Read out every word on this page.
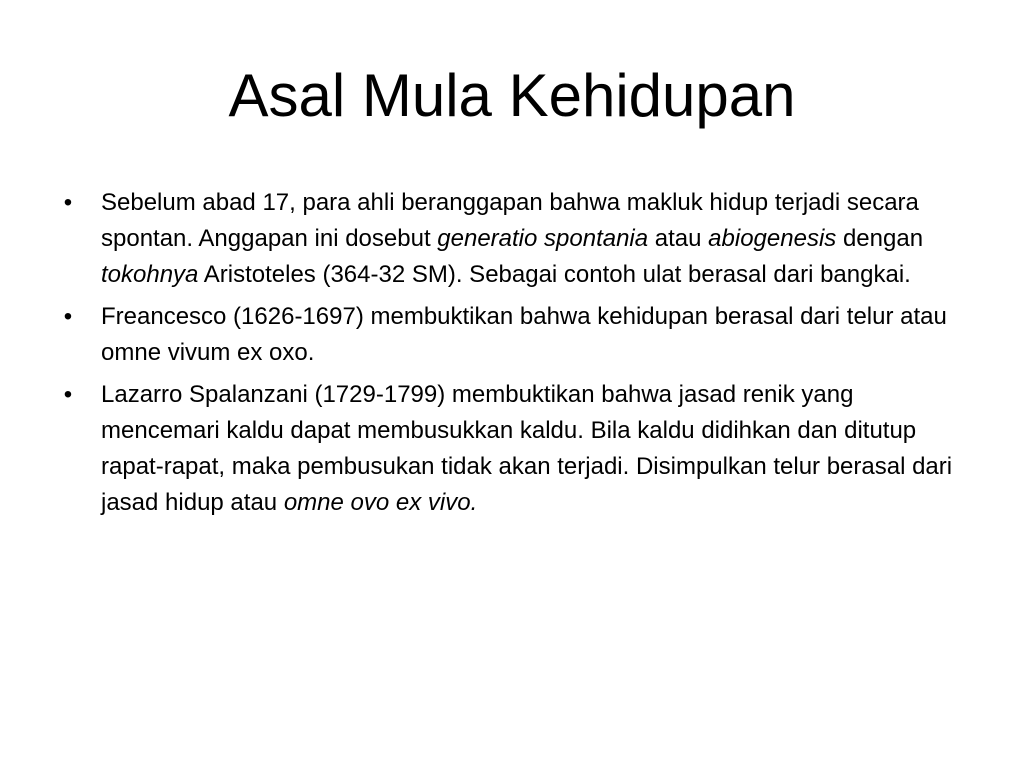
Asal Mula Kehidupan
• Sebelum abad 17, para ahli beranggapan bahwa makluk hidup terjadi secara spontan. Anggapan ini dosebut generatio spontania atau abiogenesis dengan tokohnya Aristoteles (364-32 SM). Sebagai contoh ulat berasal dari bangkai.
• Freancesco (1626-1697) membuktikan bahwa kehidupan berasal dari telur atau omne vivum ex oxo.
• Lazarro Spalanzani (1729-1799) membuktikan bahwa jasad renik yang mencemari kaldu dapat membusukkan kaldu. Bila kaldu didihkan dan ditutup rapat-rapat, maka pembusukan tidak akan terjadi. Disimpulkan telur berasal dari jasad hidup atau omne ovo ex vivo.
